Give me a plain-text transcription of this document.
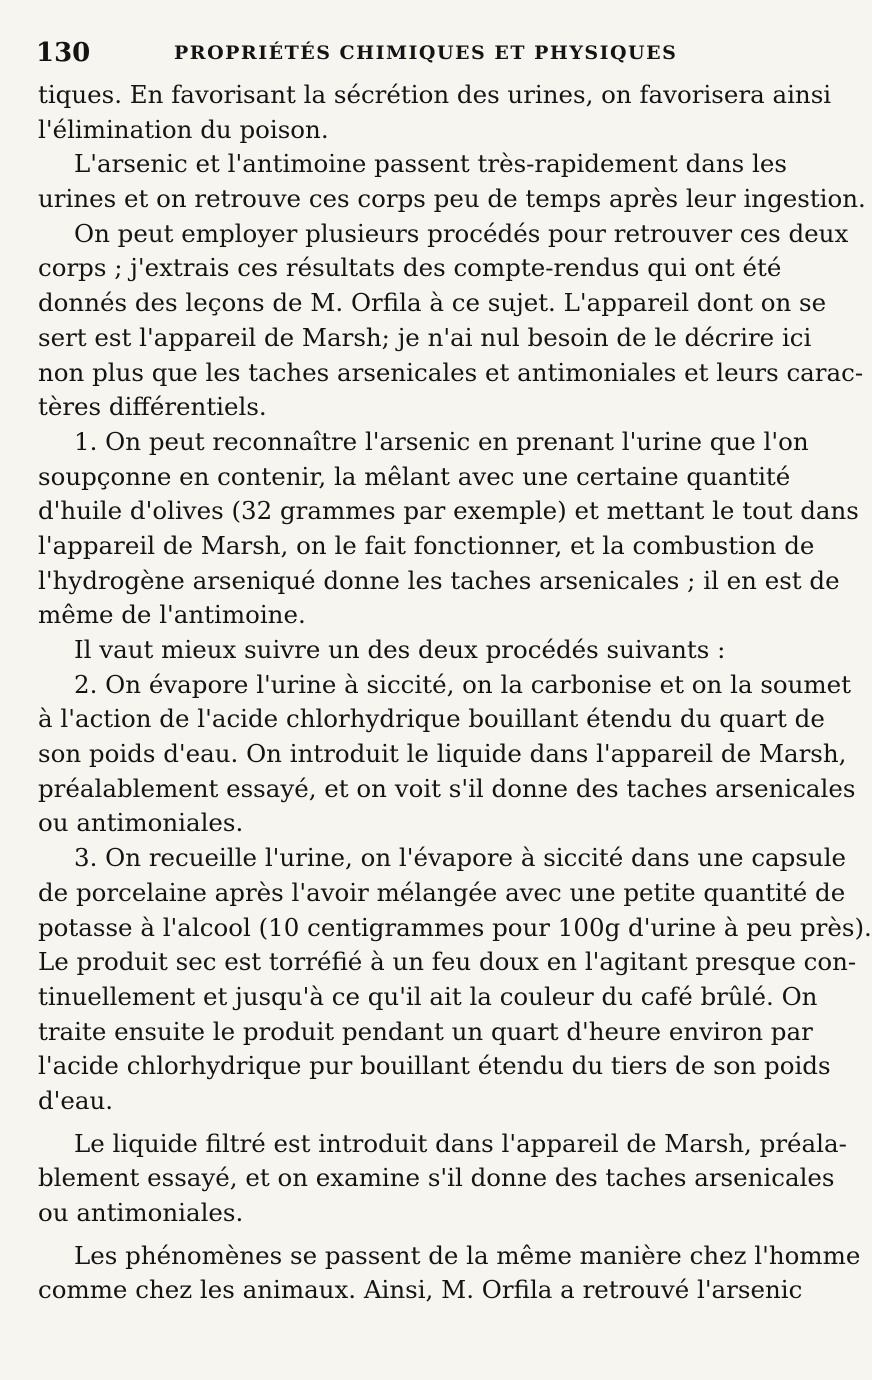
130	PROPRIÉTÉS CHIMIQUES ET PHYSIQUES
tiques. En favorisant la sécrétion des urines, on favorisera ainsi
l'élimination du poison.
L'arsenic et l'antimoine passent très-rapidement dans les
urines et on retrouve ces corps peu de temps après leur ingestion.
On peut employer plusieurs procédés pour retrouver ces deux
corps ; j'extrais ces résultats des compte-rendus qui ont été
donnés des leçons de M. Orfila à ce sujet. L'appareil dont on se
sert est l'appareil de Marsh; je n'ai nul besoin de le décrire ici
non plus que les taches arsenicales et antimoniales et leurs carac-
tères différentiels.
1. On peut reconnaître l'arsenic en prenant l'urine que l'on
soupçonne en contenir, la mêlant avec une certaine quantité
d'huile d'olives (32 grammes par exemple) et mettant le tout dans
l'appareil de Marsh, on le fait fonctionner, et la combustion de
l'hydrogène arseniqué donne les taches arsenicales ; il en est de
même de l'antimoine.
Il vaut mieux suivre un des deux procédés suivants :
2. On évapore l'urine à siccité, on la carbonise et on la soumet
à l'action de l'acide chlorhydrique bouillant étendu du quart de
son poids d'eau. On introduit le liquide dans l'appareil de Marsh,
préalablement essayé, et on voit s'il donne des taches arsenicales
ou antimoniales.
3. On recueille l'urine, on l'évapore à siccité dans une capsule
de porcelaine après l'avoir mélangée avec une petite quantité de
potasse à l'alcool (10 centigrammes pour 100g d'urine à peu près).
Le produit sec est torréfié à un feu doux en l'agitant presque con-
tinuellement et jusqu'à ce qu'il ait la couleur du café brûlé. On
traite ensuite le produit pendant un quart d'heure environ par
l'acide chlorhydrique pur bouillant étendu du tiers de son poids
d'eau.
Le liquide filtré est introduit dans l'appareil de Marsh, préala-
blement essayé, et on examine s'il donne des taches arsenicales
ou antimoniales.
Les phénomènes se passent de la même manière chez l'homme
comme chez les animaux. Ainsi, M. Orfila a retrouvé l'arsenic
